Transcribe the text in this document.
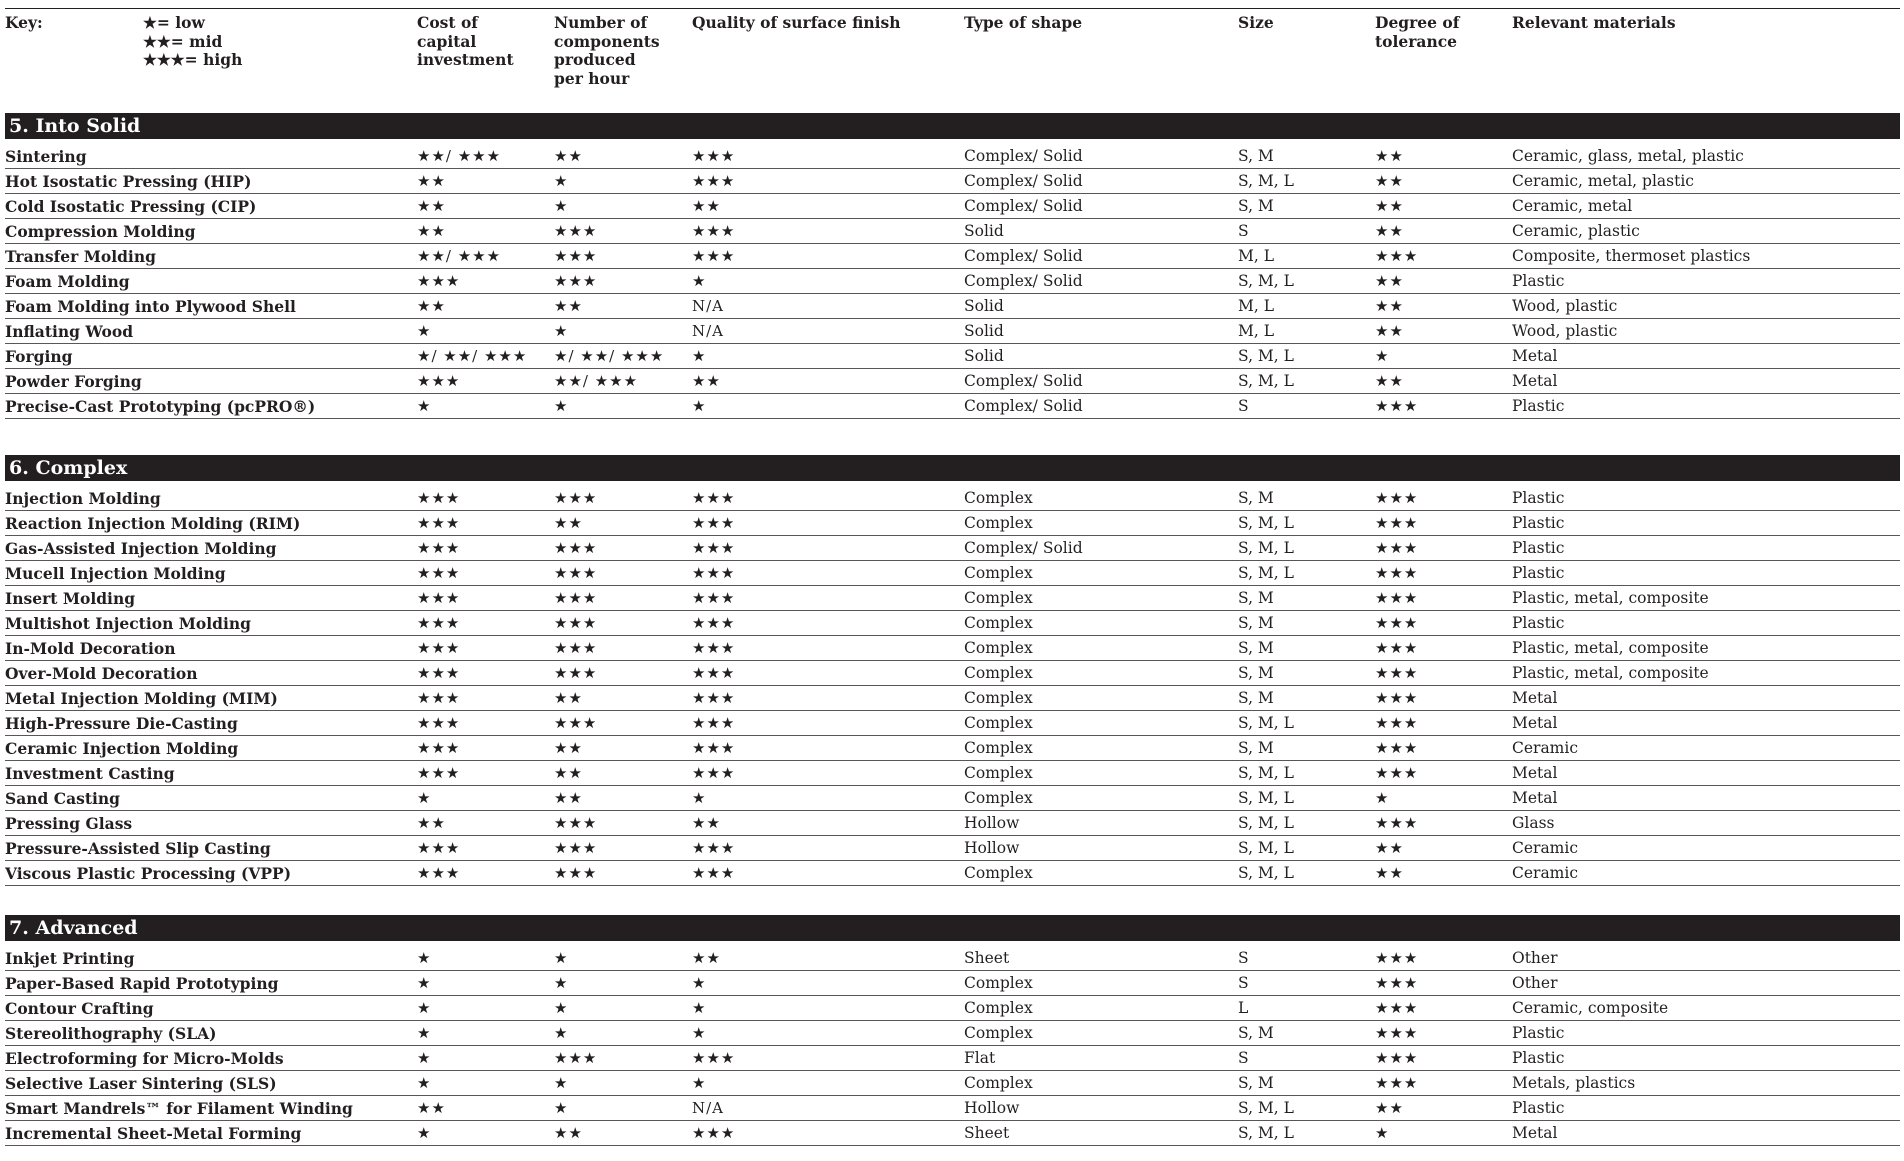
Key:	★= low
★★= mid
★★★= high
	Cost of
capital
investment	Number of
components
produced
per hour	Quality of surface finish	Type of shape	Size	Degree of
tolerance	Relevant materials
5. Into Solid							

Sintering	★★/ ★★★	★★	★★★	Complex/ Solid	S, M	★★	Ceramic, glass, metal, plastic
Hot Isostatic Pressing (HIP)	★★	★	★★★	Complex/ Solid	S, M, L	★★	Ceramic, metal, plastic
Cold Isostatic Pressing (CIP)	★★	★	★★	Complex/ Solid	S, M	★★	Ceramic, metal
Compression Molding	★★	★★★	★★★	Solid	S	★★	Ceramic, plastic
Transfer Molding	★★/ ★★★	★★★	★★★	Complex/ Solid	M, L	★★★	Composite, thermoset plastics
Foam Molding	★★★	★★★	★	Complex/ Solid	S, M, L	★★	Plastic
Foam Molding into Plywood Shell	★★	★★	N/A	Solid	M, L	★★	Wood, plastic
Inflating Wood	★	★	N/A	Solid	M, L	★★	Wood, plastic
Forging	★/ ★★/ ★★★	★/ ★★/ ★★★	★	Solid	S, M, L	★	Metal
Powder Forging	★★★	★★/ ★★★	★★	Complex/ Solid	S, M, L	★★	Metal
Precise-Cast Prototyping (pcPRO®)	★	★	★	Complex/ Solid	S	★★★	Plastic
6. Complex							

Injection Molding	★★★	★★★	★★★	Complex	S, M	★★★	Plastic
Reaction Injection Molding (RIM)	★★★	★★	★★★	Complex	S, M, L	★★★	Plastic
Gas-Assisted Injection Molding	★★★	★★★	★★★	Complex/ Solid	S, M, L	★★★	Plastic
Mucell Injection Molding	★★★	★★★	★★★	Complex	S, M, L	★★★	Plastic
Insert Molding	★★★	★★★	★★★	Complex	S, M	★★★	Plastic, metal, composite
Multishot Injection Molding	★★★	★★★	★★★	Complex	S, M	★★★	Plastic
In-Mold Decoration	★★★	★★★	★★★	Complex	S, M	★★★	Plastic, metal, composite
Over-Mold Decoration	★★★	★★★	★★★	Complex	S, M	★★★	Plastic, metal, composite
Metal Injection Molding (MIM)	★★★	★★	★★★	Complex	S, M	★★★	Metal
High-Pressure Die-Casting	★★★	★★★	★★★	Complex	S, M, L	★★★	Metal
Ceramic Injection Molding	★★★	★★	★★★	Complex	S, M	★★★	Ceramic
Investment Casting	★★★	★★	★★★	Complex	S, M, L	★★★	Metal
Sand Casting	★	★★	★	Complex	S, M, L	★	Metal
Pressing Glass	★★	★★★	★★	Hollow	S, M, L	★★★	Glass
Pressure-Assisted Slip Casting	★★★	★★★	★★★	Hollow	S, M, L	★★	Ceramic
Viscous Plastic Processing (VPP)	★★★	★★★	★★★	Complex	S, M, L	★★	Ceramic
7. Advanced							

Inkjet Printing	★	★	★★	Sheet	S	★★★	Other
Paper-Based Rapid Prototyping	★	★	★	Complex	S	★★★	Other
Contour Crafting	★	★	★	Complex	L	★★★	Ceramic, composite
Stereolithography (SLA)	★	★	★	Complex	S, M	★★★	Plastic
Electroforming for Micro-Molds	★	★★★	★★★	Flat	S	★★★	Plastic
Selective Laser Sintering (SLS)	★	★	★	Complex	S, M	★★★	Metals, plastics
Smart Mandrels™ for Filament Winding	★★	★	N/A	Hollow	S, M, L	★★	Plastic
Incremental Sheet-Metal Forming	★	★★	★★★	Sheet	S, M, L	★	Metal
